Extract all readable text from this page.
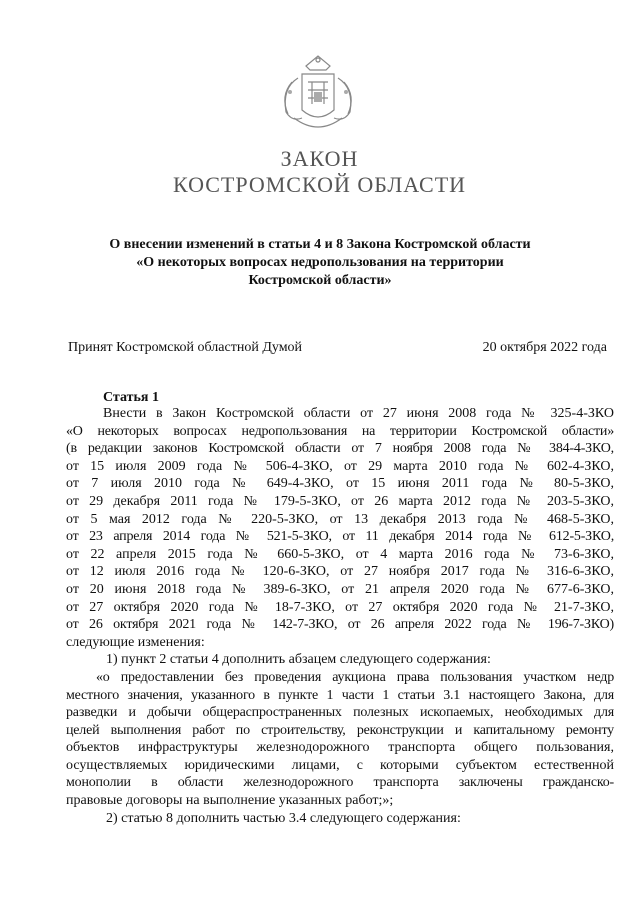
ЗАКОН
КОСТРОМСКОЙ ОБЛАСТИ
О внесении изменений в статьи 4 и 8 Закона Костромской области
«О некоторых вопросах недропользования на территории
Костромской области»
Принят Костромской областной Думой	20 октября 2022 года
Статья 1
Внести в Закон Костромской области от 27 июня 2008 года № 325-4-ЗКО
«О некоторых вопросах недропользования на территории Костромской области»
(в редакции законов Костромской области от 7 ноября 2008 года № 384-4-ЗКО,
от 15 июля 2009 года № 506-4-ЗКО, от 29 марта 2010 года № 602-4-ЗКО,
от 7 июля 2010 года № 649-4-ЗКО, от 15 июня 2011 года № 80-5-ЗКО,
от 29 декабря 2011 года № 179-5-ЗКО, от 26 марта 2012 года № 203-5-ЗКО,
от 5 мая 2012 года № 220-5-ЗКО, от 13 декабря 2013 года № 468-5-ЗКО,
от 23 апреля 2014 года № 521-5-ЗКО, от 11 декабря 2014 года № 612-5-ЗКО,
от 22 апреля 2015 года № 660-5-ЗКО, от 4 марта 2016 года № 73-6-ЗКО,
от 12 июля 2016 года № 120-6-ЗКО, от 27 ноября 2017 года № 316-6-ЗКО,
от 20 июня 2018 года № 389-6-ЗКО, от 21 апреля 2020 года № 677-6-ЗКО,
от 27 октября 2020 года № 18-7-ЗКО, от 27 октября 2020 года № 21-7-ЗКО,
от 26 октября 2021 года № 142-7-ЗКО, от 26 апреля 2022 года № 196-7-ЗКО)
следующие изменения:
1) пункт 2 статьи 4 дополнить абзацем следующего содержания:
«о предоставлении без проведения аукциона права пользования участком недр
местного значения, указанного в пункте 1 части 1 статьи 3.1 настоящего Закона, для
разведки и добычи общераспространенных полезных ископаемых, необходимых для
целей выполнения работ по строительству, реконструкции и капитальному ремонту
объектов инфраструктуры железнодорожного транспорта общего пользования,
осуществляемых юридическими лицами, с которыми субъектом естественной
монополии в области железнодорожного транспорта заключены гражданско-
правовые договоры на выполнение указанных работ;»;
2) статью 8 дополнить частью 3.4 следующего содержания:
